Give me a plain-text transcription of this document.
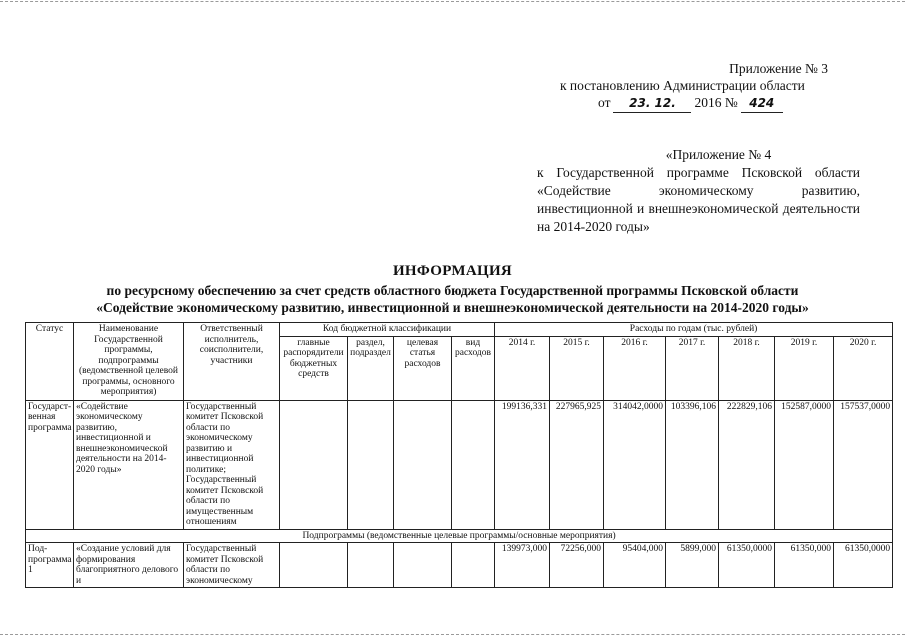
Приложение № 3
к постановлению Администрации области
от 23. 12. 2016 № 424
«Приложение № 4
к Государственной программе Псковской области «Содействие экономическому развитию, инвестиционной и внешнеэкономической деятельности на 2014-2020 годы»
ИНФОРМАЦИЯ
по ресурсному обеспечению за счет средств областного бюджета Государственной программы Псковской области
«Содействие экономическому развитию, инвестиционной и внешнеэкономической деятельности на 2014-2020 годы»
Статус	Наименование Государственной программы, подпрограммы (ведомственной целевой программы, основного мероприятия)	Ответственный исполнитель, соисполнители, участники	Код бюджетной классификации				Расходы по годам (тыс. рублей)						
			главные распорядители бюджетных средств	раздел, подраздел	целевая статья расходов	вид расходов	2014 г.	2015 г.	2016 г.	2017 г.	2018 г.	2019 г.	2020 г.
Государст-венная программа	«Содействие экономическому развитию, инвестиционной и внешнеэкономической деятельности на 2014-2020 годы»	Государственный комитет Псковской области по экономическому развитию и инвестиционной политике; Государственный комитет Псковской области по имущественным отношениям					199136,331	227965,925	314042,0000	103396,106	222829,106	152587,0000	157537,0000
Подпрограммы (ведомственные целевые программы/основные мероприятия)													
Под-программа 1	«Создание условий для формирования благоприятного делового и	Государственный комитет Псковской области по экономическому					139973,000	72256,000	95404,000	5899,000	61350,0000	61350,000	61350,0000
